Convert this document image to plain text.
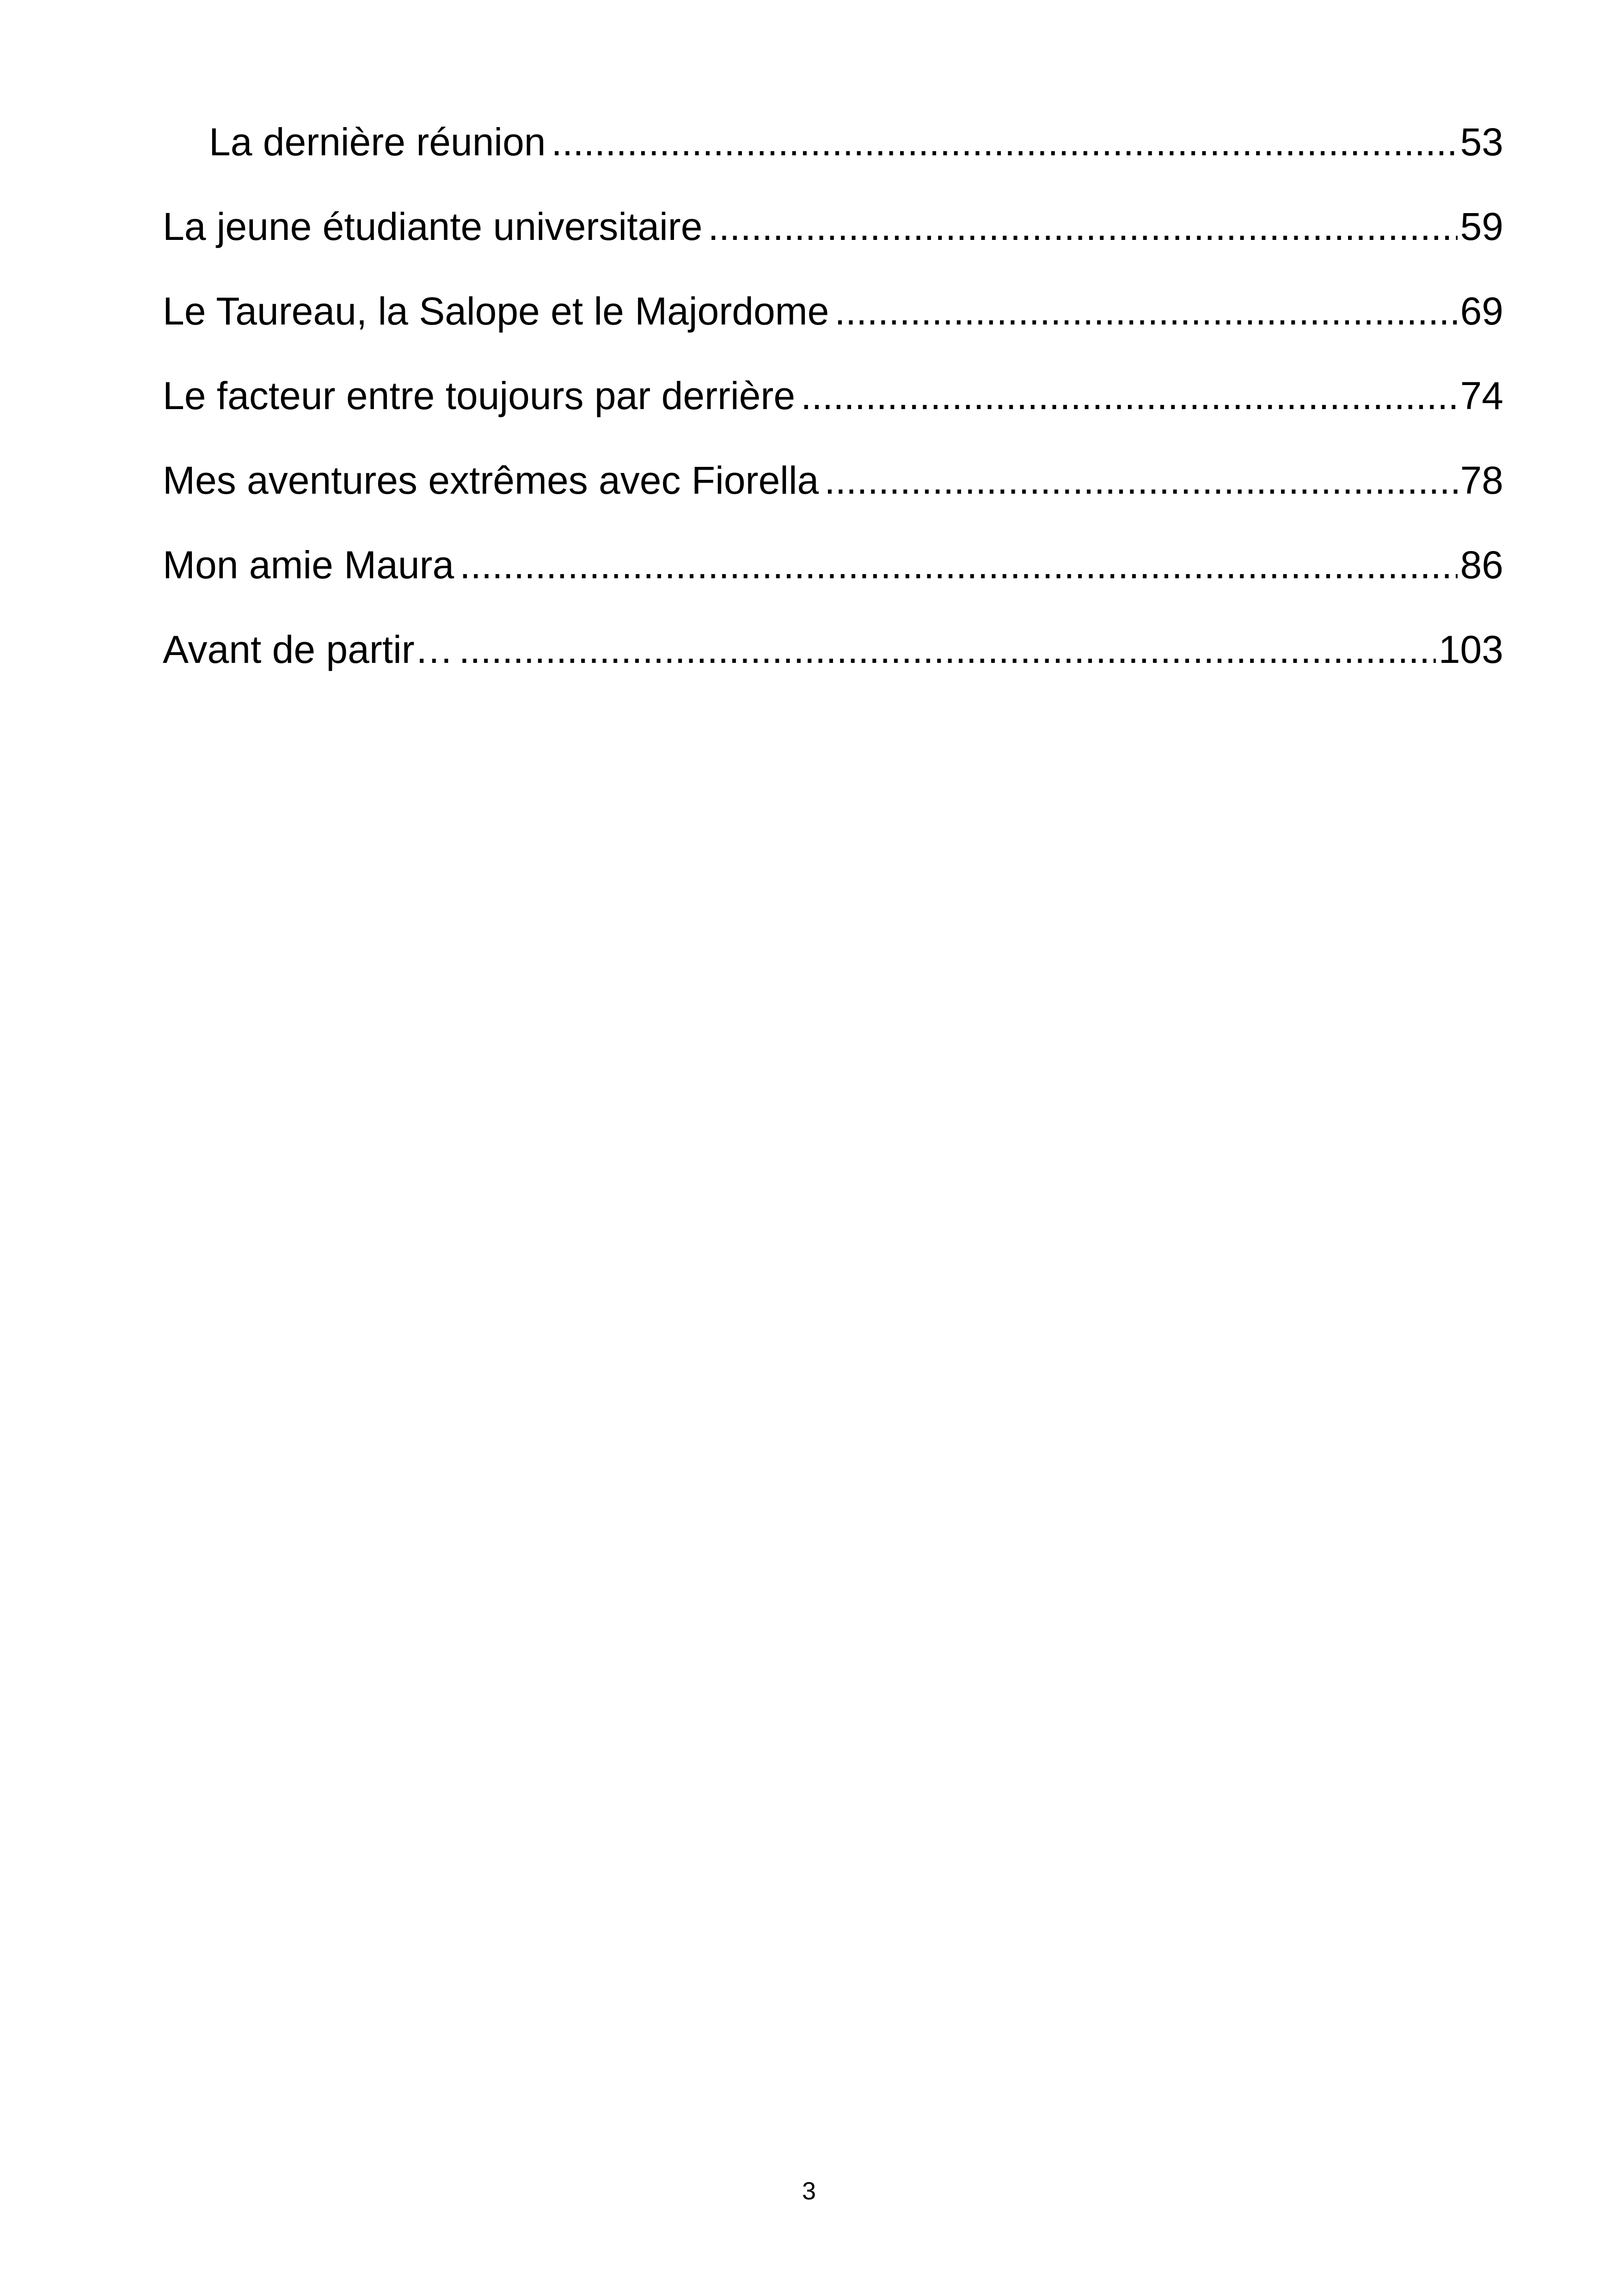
La dernière réunion .....	53
La jeune étudiante universitaire .....	59
Le Taureau, la Salope et le Majordome .....	69
Le facteur entre toujours par derrière .....	74
Mes aventures extrêmes avec Fiorella .....	78
Mon amie Maura .....	86
Avant de partir… .....	103
3
